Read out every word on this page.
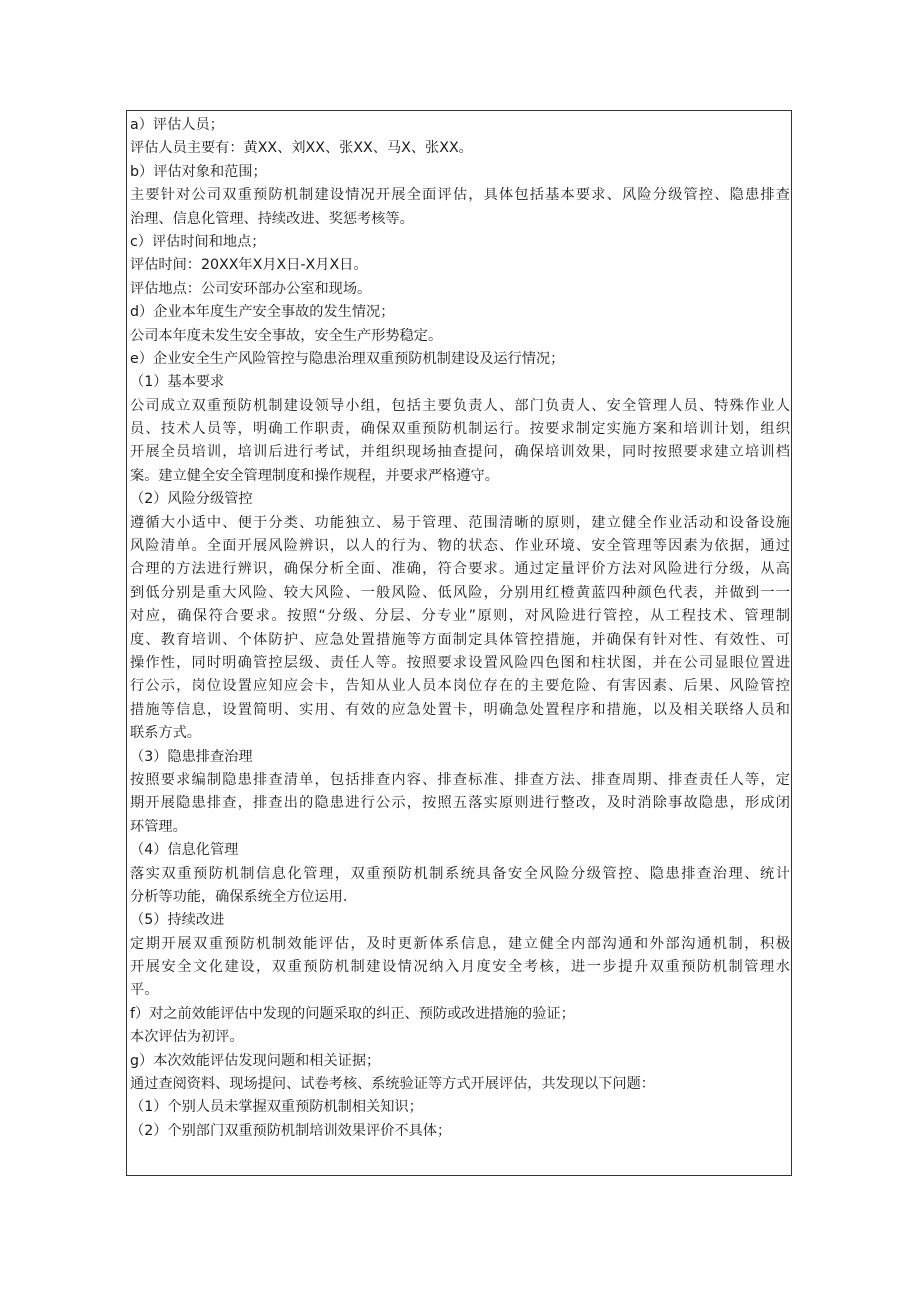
a）评估人员；
评估人员主要有：黄XX、刘XX、张XX、马X、张XX。
b）评估对象和范围；
主要针对公司双重预防机制建设情况开展全面评估，具体包括基本要求、风险分级管控、隐患排查
治理、信息化管理、持续改进、奖惩考核等。
c）评估时间和地点；
评估时间：20XX年X月X日-X月X日。
评估地点：公司安环部办公室和现场。
d）企业本年度生产安全事故的发生情况；
公司本年度未发生安全事故，安全生产形势稳定。
e）企业安全生产风险管控与隐患治理双重预防机制建设及运行情况；
（1）基本要求
公司成立双重预防机制建设领导小组，包括主要负责人、部门负责人、安全管理人员、特殊作业人
员、技术人员等，明确工作职责，确保双重预防机制运行。按要求制定实施方案和培训计划，组织
开展全员培训，培训后进行考试，并组织现场抽查提问，确保培训效果，同时按照要求建立培训档
案。建立健全安全管理制度和操作规程，并要求严格遵守。
（2）风险分级管控
遵循大小适中、便于分类、功能独立、易于管理、范围清晰的原则，建立健全作业活动和设备设施
风险清单。全面开展风险辨识，以人的行为、物的状态、作业环境、安全管理等因素为依据，通过
合理的方法进行辨识，确保分析全面、准确，符合要求。通过定量评价方法对风险进行分级，从高
到低分别是重大风险、较大风险、一般风险、低风险，分别用红橙黄蓝四种颜色代表，并做到一一
对应，确保符合要求。按照“分级、分层、分专业”原则，对风险进行管控，从工程技术、管理制
度、教育培训、个体防护、应急处置措施等方面制定具体管控措施，并确保有针对性、有效性、可
操作性，同时明确管控层级、责任人等。按照要求设置风险四色图和柱状图，并在公司显眼位置进
行公示，岗位设置应知应会卡，告知从业人员本岗位存在的主要危险、有害因素、后果、风险管控
措施等信息，设置简明、实用、有效的应急处置卡，明确急处置程序和措施，以及相关联络人员和
联系方式。
（3）隐患排查治理
按照要求编制隐患排查清单，包括排查内容、排查标准、排查方法、排查周期、排查责任人等，定
期开展隐患排查，排查出的隐患进行公示，按照五落实原则进行整改，及时消除事故隐患，形成闭
环管理。
（4）信息化管理
落实双重预防机制信息化管理，双重预防机制系统具备安全风险分级管控、隐患排查治理、统计
分析等功能，确保系统全方位运用.
（5）持续改进
定期开展双重预防机制效能评估，及时更新体系信息，建立健全内部沟通和外部沟通机制，积极
开展安全文化建设，双重预防机制建设情况纳入月度安全考核，进一步提升双重预防机制管理水
平。
f）对之前效能评估中发现的问题采取的纠正、预防或改进措施的验证；
本次评估为初评。
g）本次效能评估发现问题和相关证据；
通过查阅资料、现场提问、试卷考核、系统验证等方式开展评估，共发现以下问题：
（1）个别人员未掌握双重预防机制相关知识；
（2）个别部门双重预防机制培训效果评价不具体；
